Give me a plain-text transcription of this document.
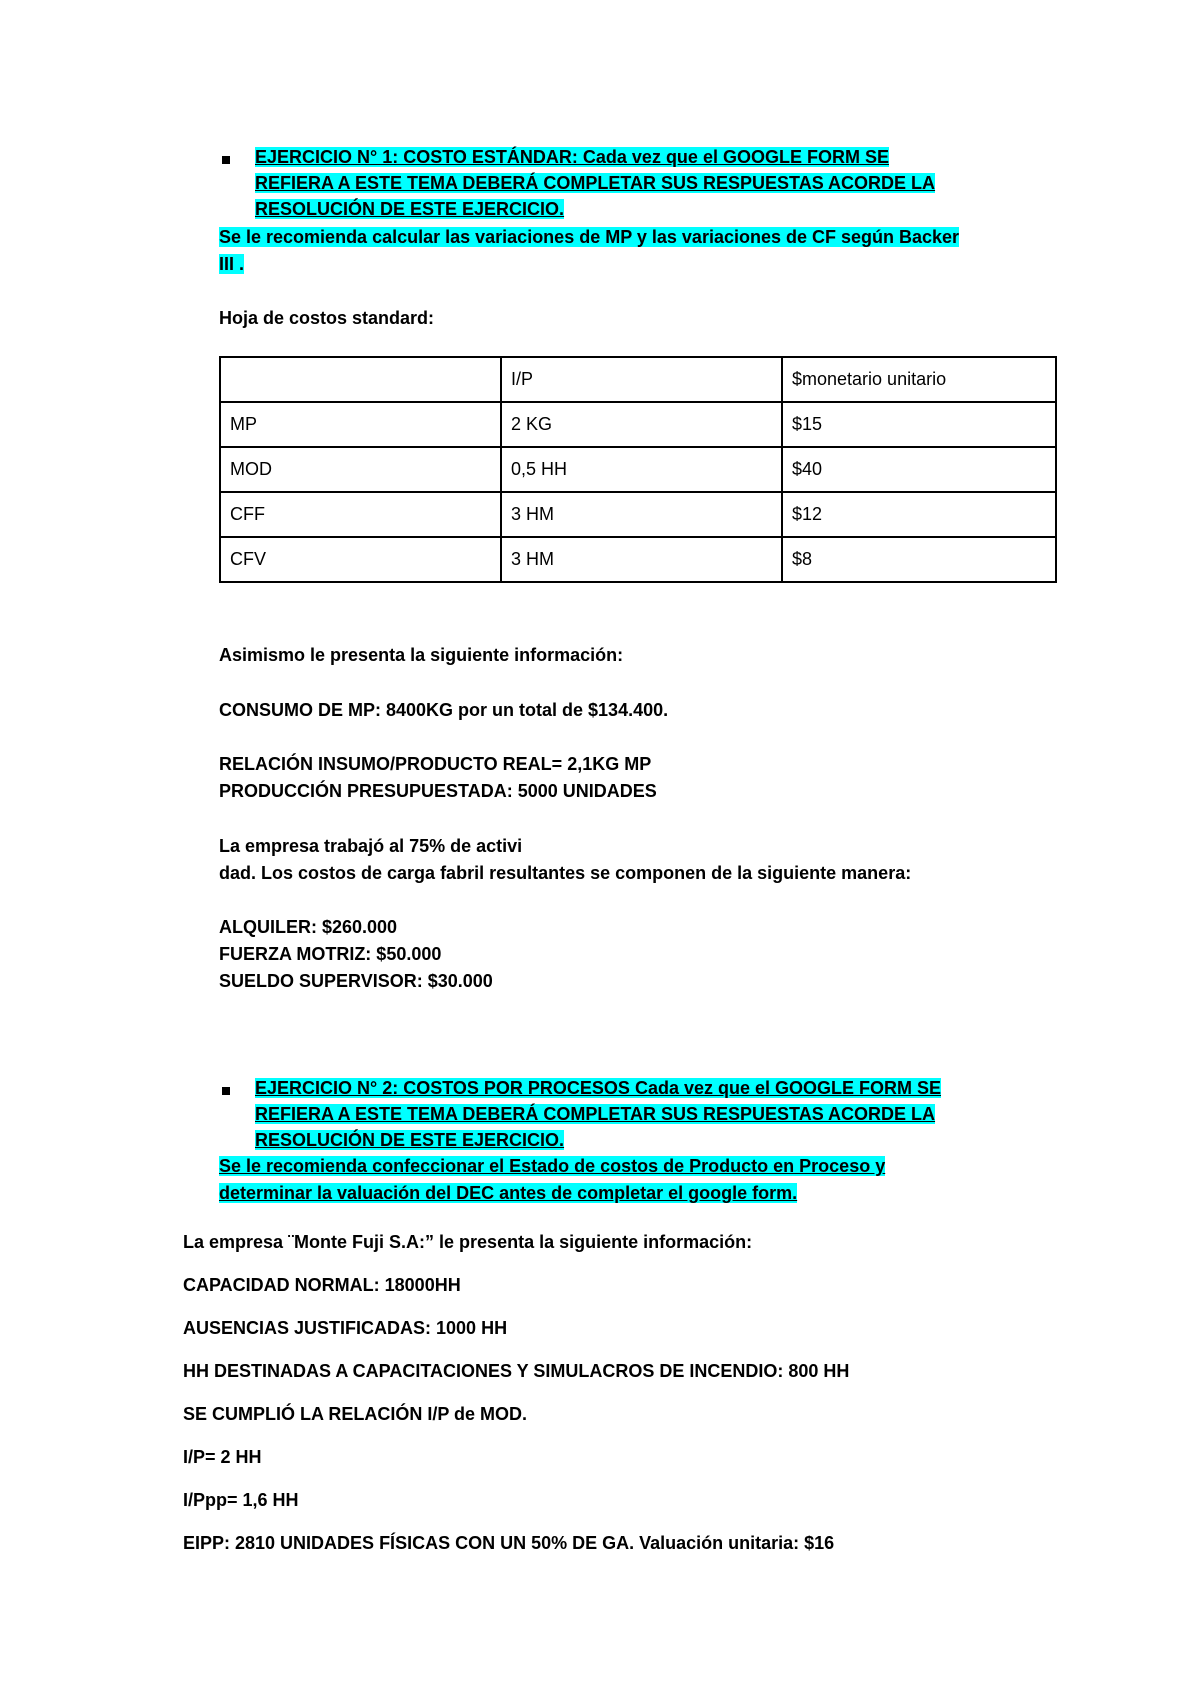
EJERCICIO N° 1: COSTO ESTÁNDAR: Cada vez que el GOOGLE FORM SE
REFIERA A ESTE TEMA DEBERÁ COMPLETAR SUS RESPUESTAS ACORDE LA
RESOLUCIÓN DE ESTE EJERCICIO.
Se le recomienda calcular las variaciones de MP y las variaciones de CF según Backer
III .
Hoja de costos standard:
	I/P	$monetario unitario
MP	2 KG	$15
MOD	0,5 HH	$40
CFF	3 HM	$12
CFV	3 HM	$8
Asimismo le presenta la siguiente información:
CONSUMO DE MP: 8400KG por un total de $134.400.
RELACIÓN INSUMO/PRODUCTO REAL= 2,1KG MP
PRODUCCIÓN PRESUPUESTADA: 5000 UNIDADES
La empresa trabajó al 75% de activi
dad. Los costos de carga fabril resultantes se componen de la siguiente manera:
ALQUILER: $260.000
FUERZA MOTRIZ: $50.000
SUELDO SUPERVISOR: $30.000
EJERCICIO N° 2: COSTOS POR PROCESOS Cada vez que el GOOGLE FORM SE
REFIERA A ESTE TEMA DEBERÁ COMPLETAR SUS RESPUESTAS ACORDE LA
RESOLUCIÓN DE ESTE EJERCICIO.
Se le recomienda confeccionar el Estado de costos de Producto en Proceso y
determinar la valuación del DEC antes de completar el google form.
La empresa ¨Monte Fuji S.A:” le presenta la siguiente información:
CAPACIDAD NORMAL: 18000HH
AUSENCIAS JUSTIFICADAS: 1000 HH
HH DESTINADAS A CAPACITACIONES Y SIMULACROS DE INCENDIO: 800 HH
SE CUMPLIÓ LA RELACIÓN I/P de MOD.
I/P= 2 HH
I/Ppp= 1,6 HH
EIPP: 2810 UNIDADES FÍSICAS CON UN 50% DE GA. Valuación unitaria: $16
